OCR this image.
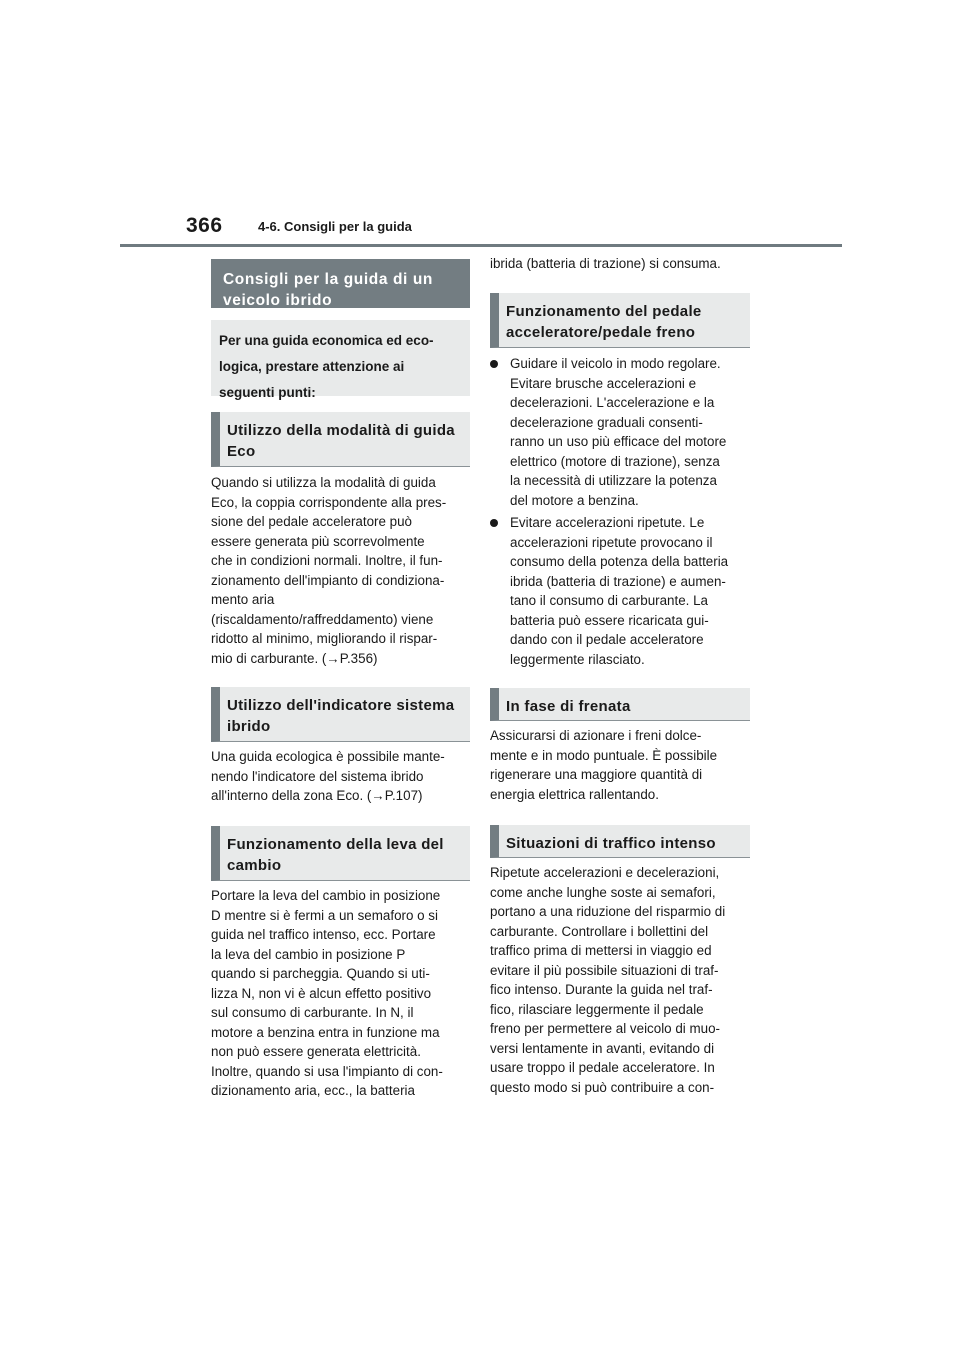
366	4-6. Consigli per la guida
Consigli per la guida di un
veicolo ibrido
Per una guida economica ed eco-
logica, prestare attenzione ai
seguenti punti:
Utilizzo della modalità di guida
Eco
Quando si utilizza la modalità di guida
Eco, la coppia corrispondente alla pres-
sione del pedale acceleratore può
essere generata più scorrevolmente
che in condizioni normali. Inoltre, il fun-
zionamento dell'impianto di condiziona-
mento aria
(riscaldamento/raffreddamento) viene
ridotto al minimo, migliorando il rispar-
mio di carburante. (→P.356)
Utilizzo dell'indicatore sistema
ibrido
Una guida ecologica è possibile mante-
nendo l'indicatore del sistema ibrido
all'interno della zona Eco. (→P.107)
Funzionamento della leva del
cambio
Portare la leva del cambio in posizione
D mentre si è fermi a un semaforo o si
guida nel traffico intenso, ecc. Portare
la leva del cambio in posizione P
quando si parcheggia. Quando si uti-
lizza N, non vi è alcun effetto positivo
sul consumo di carburante. In N, il
motore a benzina entra in funzione ma
non può essere generata elettricità.
Inoltre, quando si usa l'impianto di con-
dizionamento aria, ecc., la batteria
ibrida (batteria di trazione) si consuma.
Funzionamento del pedale
acceleratore/pedale freno
Guidare il veicolo in modo regolare.
Evitare brusche accelerazioni e
decelerazioni. L'accelerazione e la
decelerazione graduali consenti-
ranno un uso più efficace del motore
elettrico (motore di trazione), senza
la necessità di utilizzare la potenza
del motore a benzina.
Evitare accelerazioni ripetute. Le
accelerazioni ripetute provocano il
consumo della potenza della batteria
ibrida (batteria di trazione) e aumen-
tano il consumo di carburante. La
batteria può essere ricaricata gui-
dando con il pedale acceleratore
leggermente rilasciato.
In fase di frenata
Assicurarsi di azionare i freni dolce-
mente e in modo puntuale. È possibile
rigenerare una maggiore quantità di
energia elettrica rallentando.
Situazioni di traffico intenso
Ripetute accelerazioni e decelerazioni,
come anche lunghe soste ai semafori,
portano a una riduzione del risparmio di
carburante. Controllare i bollettini del
traffico prima di mettersi in viaggio ed
evitare il più possibile situazioni di traf-
fico intenso. Durante la guida nel traf-
fico, rilasciare leggermente il pedale
freno per permettere al veicolo di muo-
versi lentamente in avanti, evitando di
usare troppo il pedale acceleratore. In
questo modo si può contribuire a con-
